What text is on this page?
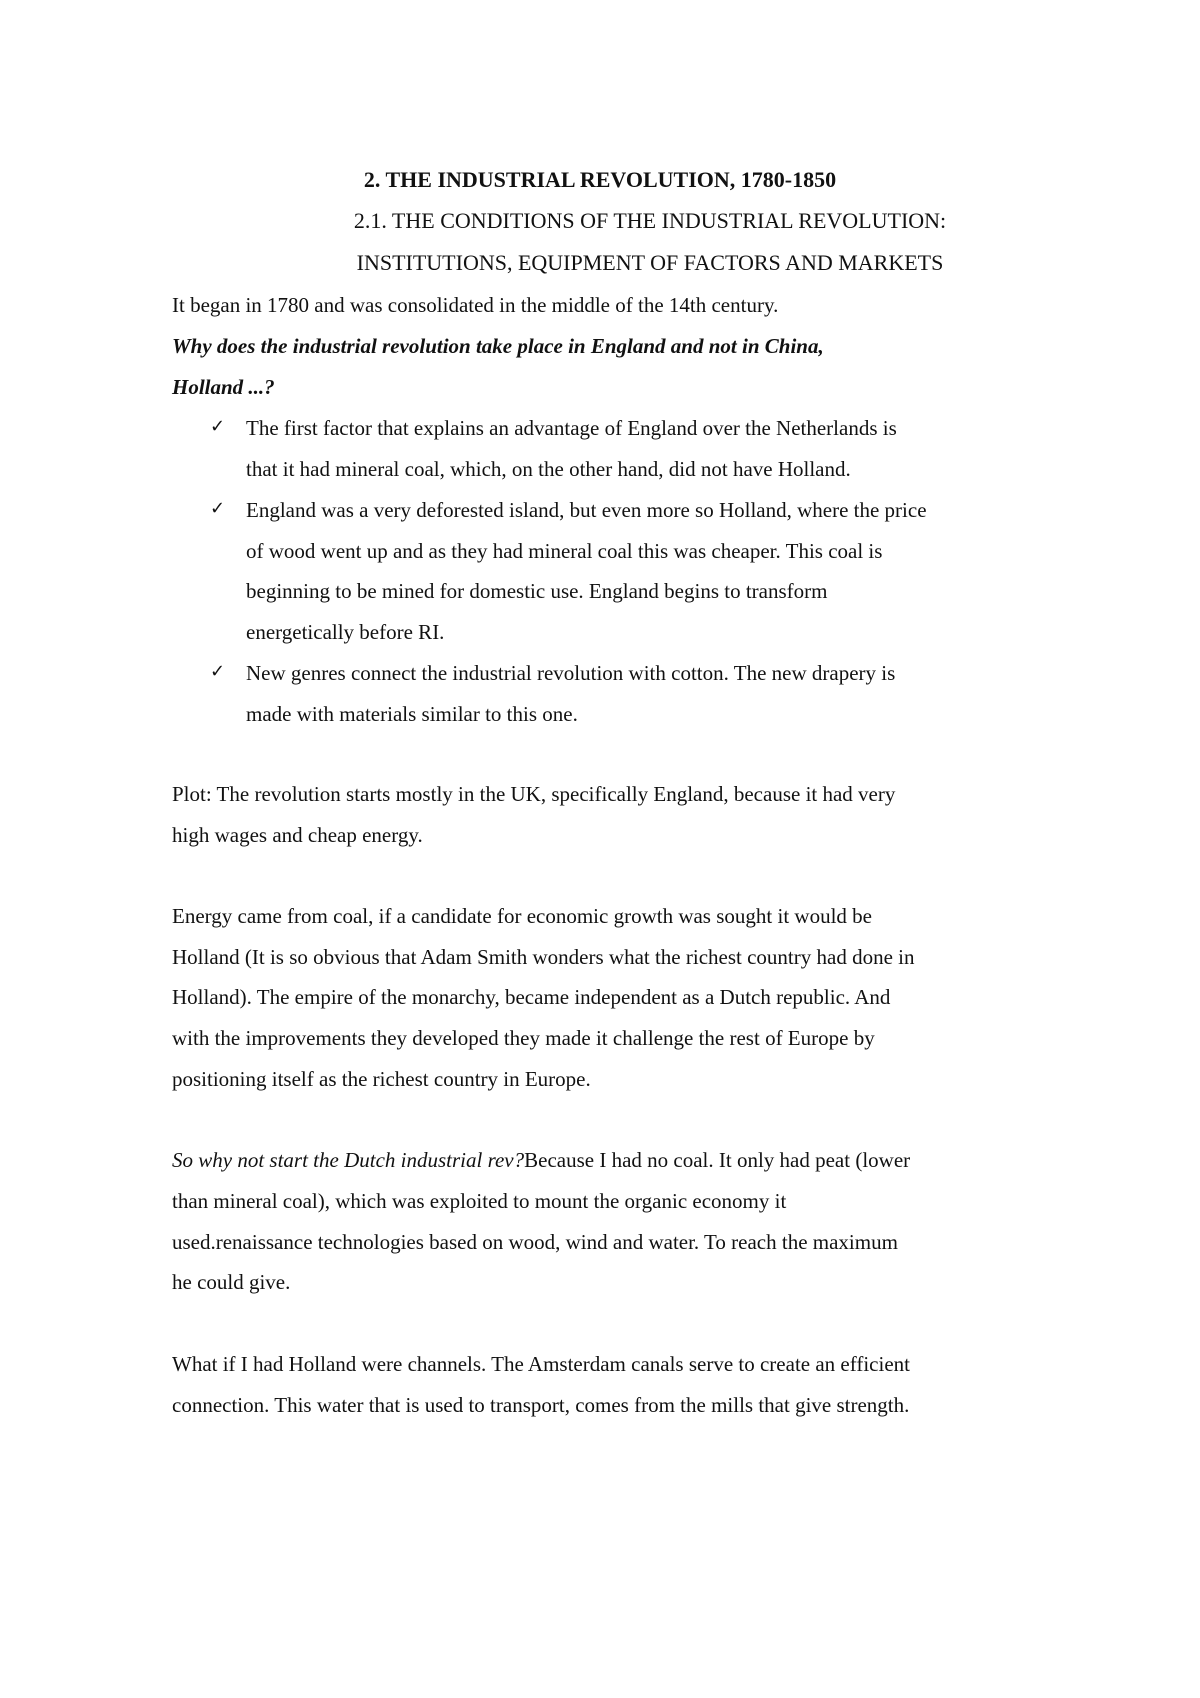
2. THE INDUSTRIAL REVOLUTION, 1780-1850
2.1. THE CONDITIONS OF THE INDUSTRIAL REVOLUTION:
INSTITUTIONS, EQUIPMENT OF FACTORS AND MARKETS
It began in 1780 and was consolidated in the middle of the 14th century.
Why does the industrial revolution take place in England and not in China,
Holland ...?
✓ The first factor that explains an advantage of England over the Netherlands is
that it had mineral coal, which, on the other hand, did not have Holland.
✓ England was a very deforested island, but even more so Holland, where the price
of wood went up and as they had mineral coal this was cheaper. This coal is
beginning to be mined for domestic use. England begins to transform
energetically before RI.
✓ New genres connect the industrial revolution with cotton. The new drapery is
made with materials similar to this one.
Plot: The revolution starts mostly in the UK, specifically England, because it had very
high wages and cheap energy.
Energy came from coal, if a candidate for economic growth was sought it would be
Holland (It is so obvious that Adam Smith wonders what the richest country had done in
Holland). The empire of the monarchy, became independent as a Dutch republic. And
with the improvements they developed they made it challenge the rest of Europe by
positioning itself as the richest country in Europe.
So why not start the Dutch industrial rev?Because I had no coal. It only had peat (lower
than mineral coal), which was exploited to mount the organic economy it
used.renaissance technologies based on wood, wind and water. To reach the maximum
he could give.
What if I had Holland were channels. The Amsterdam canals serve to create an efficient
connection. This water that is used to transport, comes from the mills that give strength.
